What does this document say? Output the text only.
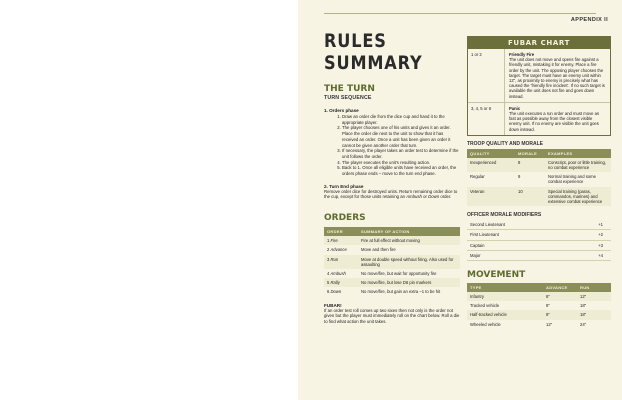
APPENDIX II
RULES
SUMMARY
THE TURN
TURN SEQUENCE
1. Orders phase
1. Draw an order die from the dice cup and hand it to the appropriate player.
2. The player chooses one of his units and gives it an order. Place the order die next to the unit to show that it has received an order. Once a unit has been given an order it cannot be given another order that turn.
3. If necessary, the player takes an order test to determine if the unit follows the order.
4. The player executes the unit's resulting action.
5. Back to 1. Once all eligible units have received an order, the orders phase ends – move to the turn end phase.
2. Turn End phase

Remove order dice for destroyed units. Return remaining order dice to the cup, except for those units retaining an Ambush or Down order.

ORDERS
ORDER	SUMMARY OF ACTION
1 Fire	Fire at full effect without moving
2 Advance	Move and then fire
3 Run	Move at double speed without firing. Also used for assaulting
4 Ambush	No move/fire, but wait for opportunity fire
5 Rally	No move/fire, but lose D6 pin markers
6 Down	No move/fire, but gain an extra –1 to be hit
FUBAR!

If an order test roll comes up two sixes then not only is the order not given but the player must immediately roll on the chart below. Roll a die to find what action the unit takes.

FUBAR CHART
1 or 2	Friendly Fire
The unit does not move and opens fire against a friendly unit, mistaking it for enemy. Place a fire order by the unit. The opposing player chooses the target. The target must have an enemy unit within 12", as proximity to enemy is precisely what has caused the 'friendly fire incident'. If no such target is available the unit does not fire and goes down instead.
3, 4, 5 or 6	Panic
The unit executes a run order and must move as fast as possible away from the closest visible enemy unit. If no enemy are visible the unit goes down instead.
TROOP QUALITY AND MORALE
QUALITY	MORALE	EXAMPLES
Inexperienced	8	Conscript, poor or little training, no combat experience
Regular	9	Normal training and some combat experience
Veteran	10	Special training (paras, commandos, marines) and extensive combat experience
OFFICER MORALE MODIFIERS
Second Lieutenant	+1
First Lieutenant	+2
Captain	+3
Major	+4
MOVEMENT
TYPE	ADVANCE	RUN
Infantry	6"	12"
Tracked vehicle	9"	18"
Half-tracked vehicle	9"	18"
Wheeled vehicle	12"	24"
